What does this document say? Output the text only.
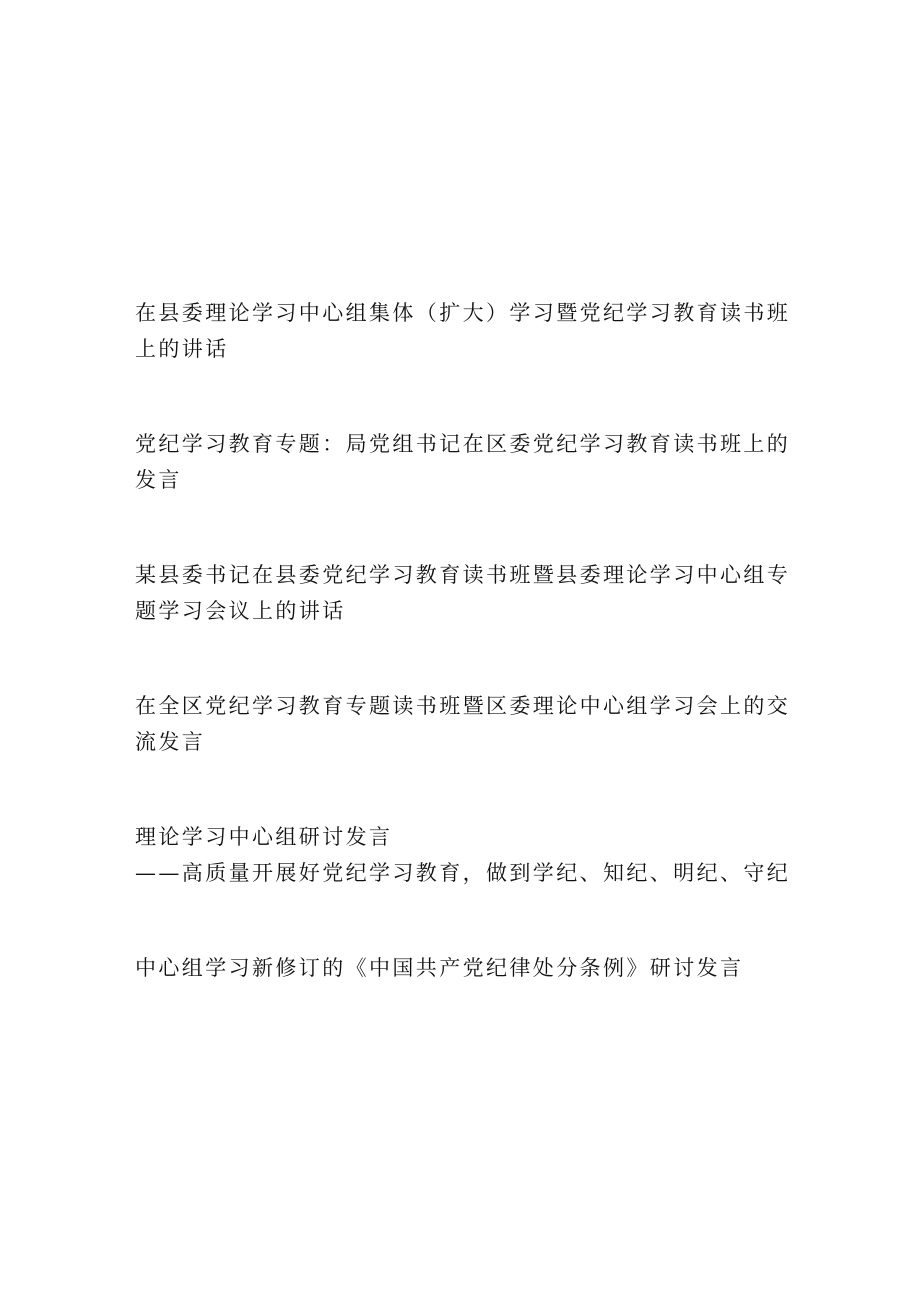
在县委理论学习中心组集体（扩大）学习暨党纪学习教育读书班
上的讲话
党纪学习教育专题：局党组书记在区委党纪学习教育读书班上的
发言
某县委书记在县委党纪学习教育读书班暨县委理论学习中心组专
题学习会议上的讲话
在全区党纪学习教育专题读书班暨区委理论中心组学习会上的交
流发言
理论学习中心组研讨发言
——高质量开展好党纪学习教育，做到学纪、知纪、明纪、守纪
中心组学习新修订的《中国共产党纪律处分条例》研讨发言
